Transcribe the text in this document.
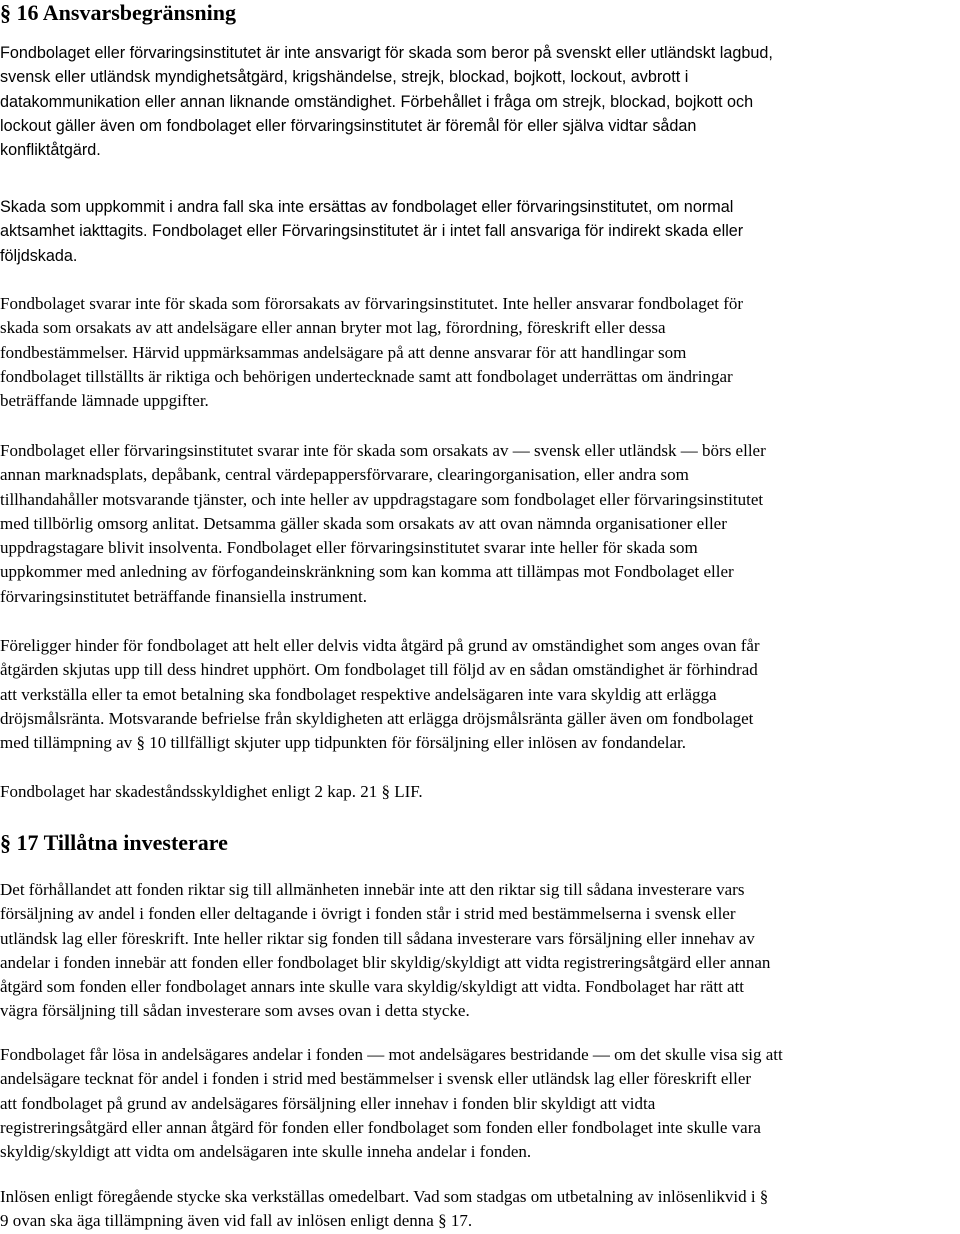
§ 16 Ansvarsbegränsning

Fondbolaget eller förvaringsinstitutet är inte ansvarigt för skada som beror på svenskt eller utländskt lagbud,
svensk eller utländsk myndighetsåtgärd, krigshändelse, strejk, blockad, bojkott, lockout, avbrott i
datakommunikation eller annan liknande omständighet. Förbehållet i fråga om strejk, blockad, bojkott och
lockout gäller även om fondbolaget eller förvaringsinstitutet är föremål för eller själva vidtar sådan
konfliktåtgärd.

Skada som uppkommit i andra fall ska inte ersättas av fondbolaget eller förvaringsinstitutet, om normal
aktsamhet iakttagits. Fondbolaget eller Förvaringsinstitutet är i intet fall ansvariga för indirekt skada eller
följdskada.

Fondbolaget svarar inte för skada som förorsakats av förvaringsinstitutet. Inte heller ansvarar fondbolaget för
skada som orsakats av att andelsägare eller annan bryter mot lag, förordning, föreskrift eller dessa
fondbestämmelser. Härvid uppmärksammas andelsägare på att denne ansvarar för att handlingar som
fondbolaget tillställts är riktiga och behörigen undertecknade samt att fondbolaget underrättas om ändringar
beträffande lämnade uppgifter.

Fondbolaget eller förvaringsinstitutet svarar inte för skada som orsakats av — svensk eller utländsk — börs eller
annan marknadsplats, depåbank, central värdepappersförvarare, clearingorganisation, eller andra som
tillhandahåller motsvarande tjänster, och inte heller av uppdragstagare som fondbolaget eller förvaringsinstitutet
med tillbörlig omsorg anlitat. Detsamma gäller skada som orsakats av att ovan nämnda organisationer eller
uppdragstagare blivit insolventa. Fondbolaget eller förvaringsinstitutet svarar inte heller för skada som
uppkommer med anledning av förfogandeinskränkning som kan komma att tillämpas mot Fondbolaget eller
förvaringsinstitutet beträffande finansiella instrument.

Föreligger hinder för fondbolaget att helt eller delvis vidta åtgärd på grund av omständighet som anges ovan får
åtgärden skjutas upp till dess hindret upphört. Om fondbolaget till följd av en sådan omständighet är förhindrad
att verkställa eller ta emot betalning ska fondbolaget respektive andelsägaren inte vara skyldig att erlägga
dröjsmålsränta. Motsvarande befrielse från skyldigheten att erlägga dröjsmålsränta gäller även om fondbolaget
med tillämpning av § 10 tillfälligt skjuter upp tidpunkten för försäljning eller inlösen av fondandelar.

Fondbolaget har skadeståndsskyldighet enligt 2 kap. 21 § LIF.

§ 17 Tillåtna investerare

Det förhållandet att fonden riktar sig till allmänheten innebär inte att den riktar sig till sådana investerare vars
försäljning av andel i fonden eller deltagande i övrigt i fonden står i strid med bestämmelserna i svensk eller
utländsk lag eller föreskrift. Inte heller riktar sig fonden till sådana investerare vars försäljning eller innehav av
andelar i fonden innebär att fonden eller fondbolaget blir skyldig/skyldigt att vidta registreringsåtgärd eller annan
åtgärd som fonden eller fondbolaget annars inte skulle vara skyldig/skyldigt att vidta. Fondbolaget har rätt att
vägra försäljning till sådan investerare som avses ovan i detta stycke.

Fondbolaget får lösa in andelsägares andelar i fonden — mot andelsägares bestridande — om det skulle visa sig att
andelsägare tecknat för andel i fonden i strid med bestämmelser i svensk eller utländsk lag eller föreskrift eller
att fondbolaget på grund av andelsägares försäljning eller innehav i fonden blir skyldigt att vidta
registreringsåtgärd eller annan åtgärd för fonden eller fondbolaget som fonden eller fondbolaget inte skulle vara
skyldig/skyldigt att vidta om andelsägaren inte skulle inneha andelar i fonden.

Inlösen enligt föregående stycke ska verkställas omedelbart. Vad som stadgas om utbetalning av inlösenlikvid i §
9 ovan ska äga tillämpning även vid fall av inlösen enligt denna § 17.
